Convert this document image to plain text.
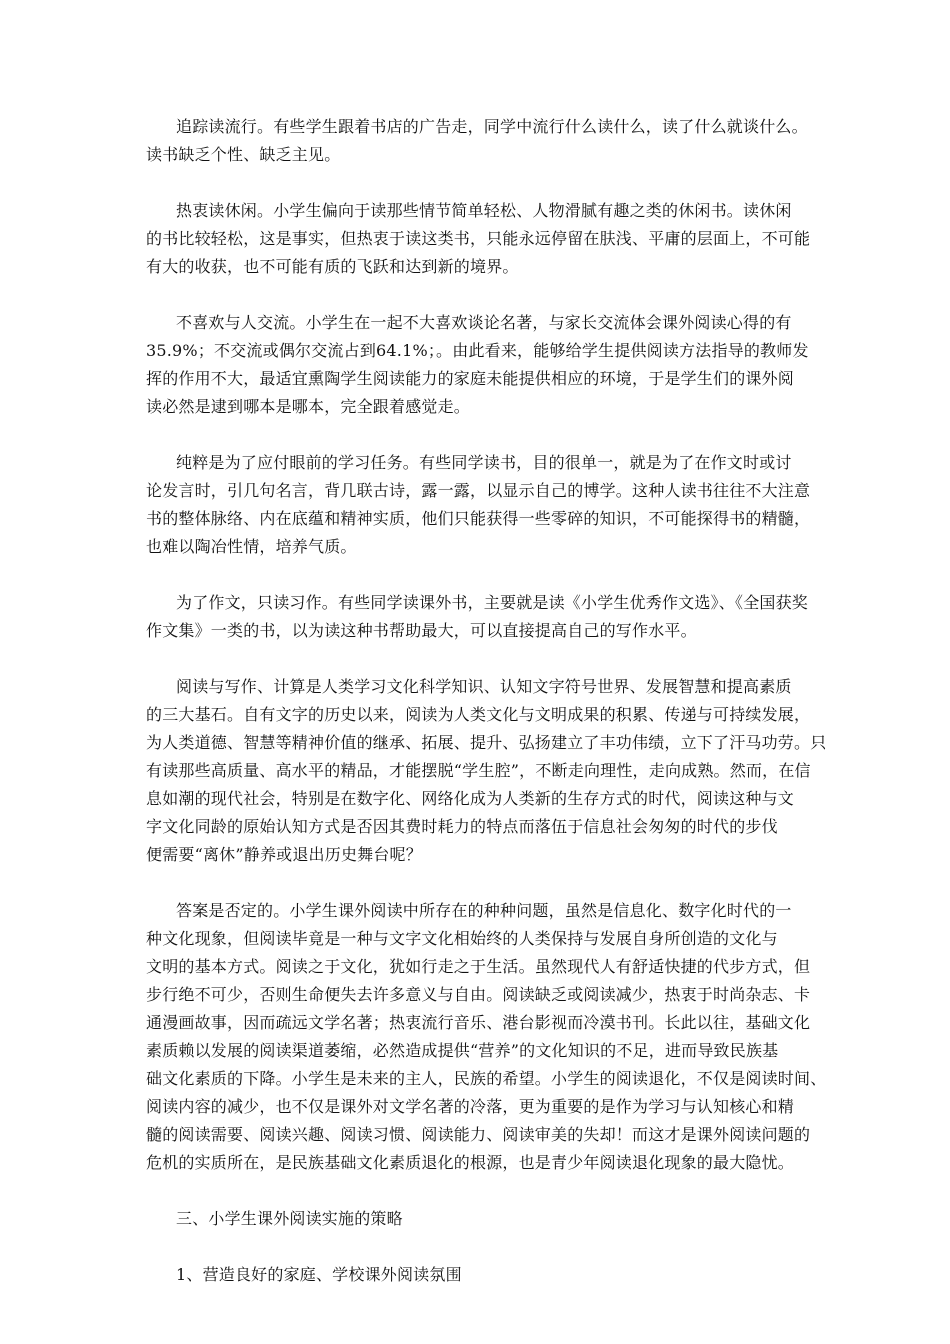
追踪读流行。有些学生跟着书店的广告走，同学中流行什么读什么，读了什么就谈什么。
读书缺乏个性、缺乏主见。
热衷读休闲。小学生偏向于读那些情节简单轻松、人物滑腻有趣之类的休闲书。读休闲
的书比较轻松，这是事实，但热衷于读这类书，只能永远停留在肤浅、平庸的层面上，不可能
有大的收获，也不可能有质的飞跃和达到新的境界。
不喜欢与人交流。小学生在一起不大喜欢谈论名著，与家长交流体会课外阅读心得的有
35.9%；不交流或偶尔交流占到64.1%；。由此看来，能够给学生提供阅读方法指导的教师发
挥的作用不大，最适宜熏陶学生阅读能力的家庭未能提供相应的环境，于是学生们的课外阅
读必然是逮到哪本是哪本，完全跟着感觉走。
纯粹是为了应付眼前的学习任务。有些同学读书，目的很单一，就是为了在作文时或讨
论发言时，引几句名言，背几联古诗，露一露，以显示自己的博学。这种人读书往往不大注意
书的整体脉络、内在底蕴和精神实质，他们只能获得一些零碎的知识，不可能探得书的精髓，
也难以陶冶性情，培养气质。
为了作文，只读习作。有些同学读课外书，主要就是读《小学生优秀作文选》、《全国获奖
作文集》一类的书，以为读这种书帮助最大，可以直接提高自己的写作水平。
阅读与写作、计算是人类学习文化科学知识、认知文字符号世界、发展智慧和提高素质
的三大基石。自有文字的历史以来，阅读为人类文化与文明成果的积累、传递与可持续发展，
为人类道德、智慧等精神价值的继承、拓展、提升、弘扬建立了丰功伟绩，立下了汗马功劳。只
有读那些高质量、高水平的精品，才能摆脱“学生腔”，不断走向理性，走向成熟。然而，在信
息如潮的现代社会，特别是在数字化、网络化成为人类新的生存方式的时代，阅读这种与文
字文化同龄的原始认知方式是否因其费时耗力的特点而落伍于信息社会匆匆的时代的步伐
便需要“离休”静养或退出历史舞台呢？
答案是否定的。小学生课外阅读中所存在的种种问题，虽然是信息化、数字化时代的一
种文化现象，但阅读毕竟是一种与文字文化相始终的人类保持与发展自身所创造的文化与
文明的基本方式。阅读之于文化，犹如行走之于生活。虽然现代人有舒适快捷的代步方式，但
步行绝不可少，否则生命便失去许多意义与自由。阅读缺乏或阅读减少，热衷于时尚杂志、卡
通漫画故事，因而疏远文学名著；热衷流行音乐、港台影视而冷漠书刊。长此以往，基础文化
素质赖以发展的阅读渠道萎缩，必然造成提供“营养”的文化知识的不足，进而导致民族基
础文化素质的下降。小学生是未来的主人，民族的希望。小学生的阅读退化，不仅是阅读时间、
阅读内容的减少，也不仅是课外对文学名著的冷落，更为重要的是作为学习与认知核心和精
髓的阅读需要、阅读兴趣、阅读习惯、阅读能力、阅读审美的失却！而这才是课外阅读问题的
危机的实质所在，是民族基础文化素质退化的根源，也是青少年阅读退化现象的最大隐忧。
三、小学生课外阅读实施的策略
1、营造良好的家庭、学校课外阅读氛围
